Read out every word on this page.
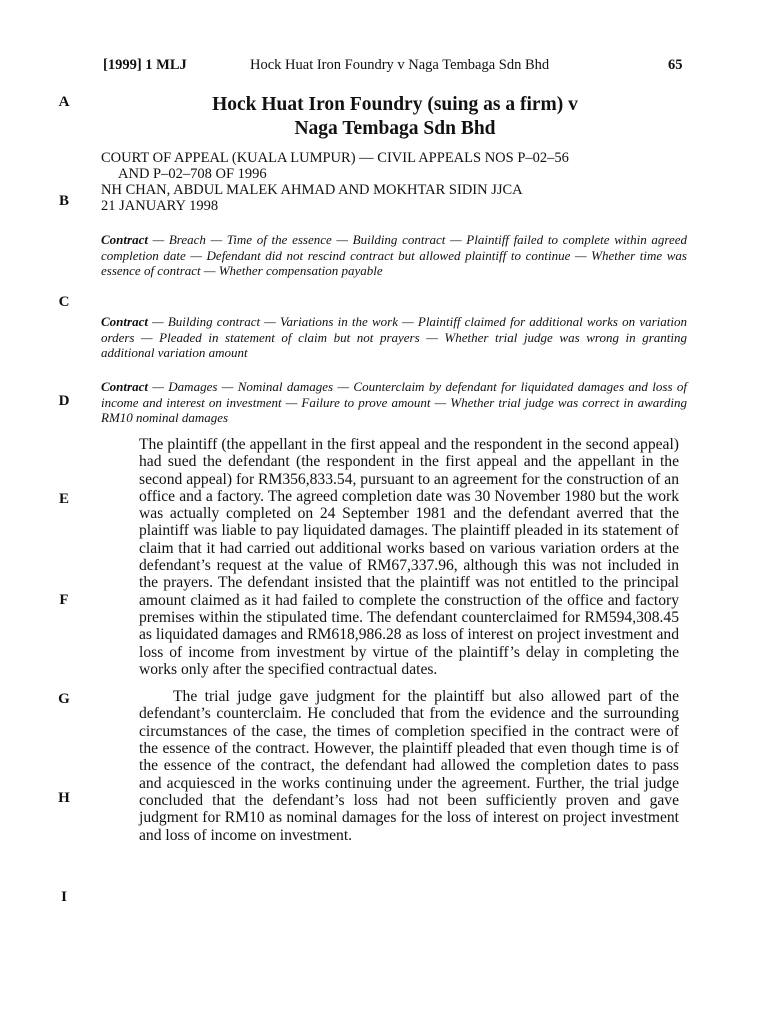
[1999] 1 MLJ	Hock Huat Iron Foundry v Naga Tembaga Sdn Bhd	65
A
B
C
D
E
F
G
H
I
Hock Huat Iron Foundry (suing as a firm) v
Naga Tembaga Sdn Bhd
COURT OF APPEAL (KUALA LUMPUR) — CIVIL APPEALS NOS P–02–56
AND P–02–708 OF 1996
NH CHAN, ABDUL MALEK AHMAD AND MOKHTAR SIDIN JJCA
21 JANUARY 1998
Contract — Breach — Time of the essence — Building contract — Plaintiff failed to complete within agreed completion date — Defendant did not rescind contract but allowed plaintiff to continue — Whether time was essence of contract — Whether compensation payable
Contract — Building contract — Variations in the work — Plaintiff claimed for additional works on variation orders — Pleaded in statement of claim but not prayers — Whether trial judge was wrong in granting additional variation amount
Contract — Damages — Nominal damages — Counterclaim by defendant for liquidated damages and loss of income and interest on investment — Failure to prove amount — Whether trial judge was correct in awarding RM10 nominal damages

The plaintiff (the appellant in the first appeal and the respondent in the second appeal) had sued the defendant (the respondent in the first appeal and the appellant in the second appeal) for RM356,833.54, pursuant to an agreement for the construction of an office and a factory. The agreed completion date was 30 November 1980 but the work was actually completed on 24 September 1981 and the defendant averred that the plaintiff was liable to pay liquidated damages. The plaintiff pleaded in its statement of claim that it had carried out additional works based on various variation orders at the defendant’s request at the value of RM67,337.96, although this was not included in the prayers. The defendant insisted that the plaintiff was not entitled to the principal amount claimed as it had failed to complete the construction of the office and factory premises within the stipulated time. The defendant counterclaimed for RM594,308.45 as liquidated damages and RM618,986.28 as loss of interest on project investment and loss of income from investment by virtue of the plaintiff’s delay in completing the works only after the specified contractual dates.

The trial judge gave judgment for the plaintiff but also allowed part of the defendant’s counterclaim. He concluded that from the evidence and the surrounding circumstances of the case, the times of completion specified in the contract were of the essence of the contract. However, the plaintiff pleaded that even though time is of the essence of the contract, the defendant had allowed the completion dates to pass and acquiesced in the works continuing under the agreement. Further, the trial judge concluded that the defendant’s loss had not been sufficiently proven and gave judgment for RM10 as nominal damages for the loss of interest on project investment and loss of income on investment.
